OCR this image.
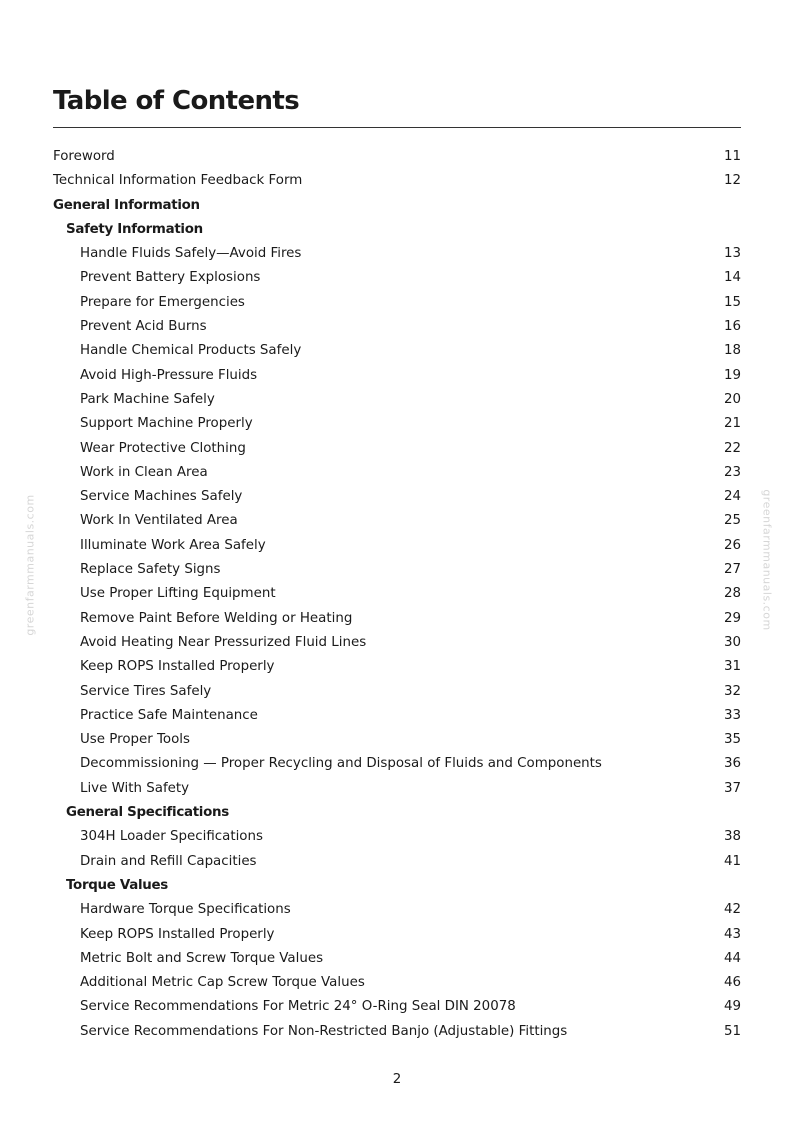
greenfarmmanuals.com	greenfarmmanuals.com
Table of Contents
Foreword	11
Technical Information Feedback Form	12
General Information
Safety Information
Handle Fluids Safely—Avoid Fires	13
Prevent Battery Explosions	14
Prepare for Emergencies	15
Prevent Acid Burns	16
Handle Chemical Products Safely	18
Avoid High-Pressure Fluids	19
Park Machine Safely	20
Support Machine Properly	21
Wear Protective Clothing	22
Work in Clean Area	23
Service Machines Safely	24
Work In Ventilated Area	25
Illuminate Work Area Safely	26
Replace Safety Signs	27
Use Proper Lifting Equipment	28
Remove Paint Before Welding or Heating	29
Avoid Heating Near Pressurized Fluid Lines	30
Keep ROPS Installed Properly	31
Service Tires Safely	32
Practice Safe Maintenance	33
Use Proper Tools	35
Decommissioning — Proper Recycling and Disposal of Fluids and Components	36
Live With Safety	37
General Specifications
304H Loader Specifications	38
Drain and Refill Capacities	41
Torque Values
Hardware Torque Specifications	42
Keep ROPS Installed Properly	43
Metric Bolt and Screw Torque Values	44
Additional Metric Cap Screw Torque Values	46
Service Recommendations For Metric 24° O-Ring Seal DIN 20078	49
Service Recommendations For Non-Restricted Banjo (Adjustable) Fittings	51
2
